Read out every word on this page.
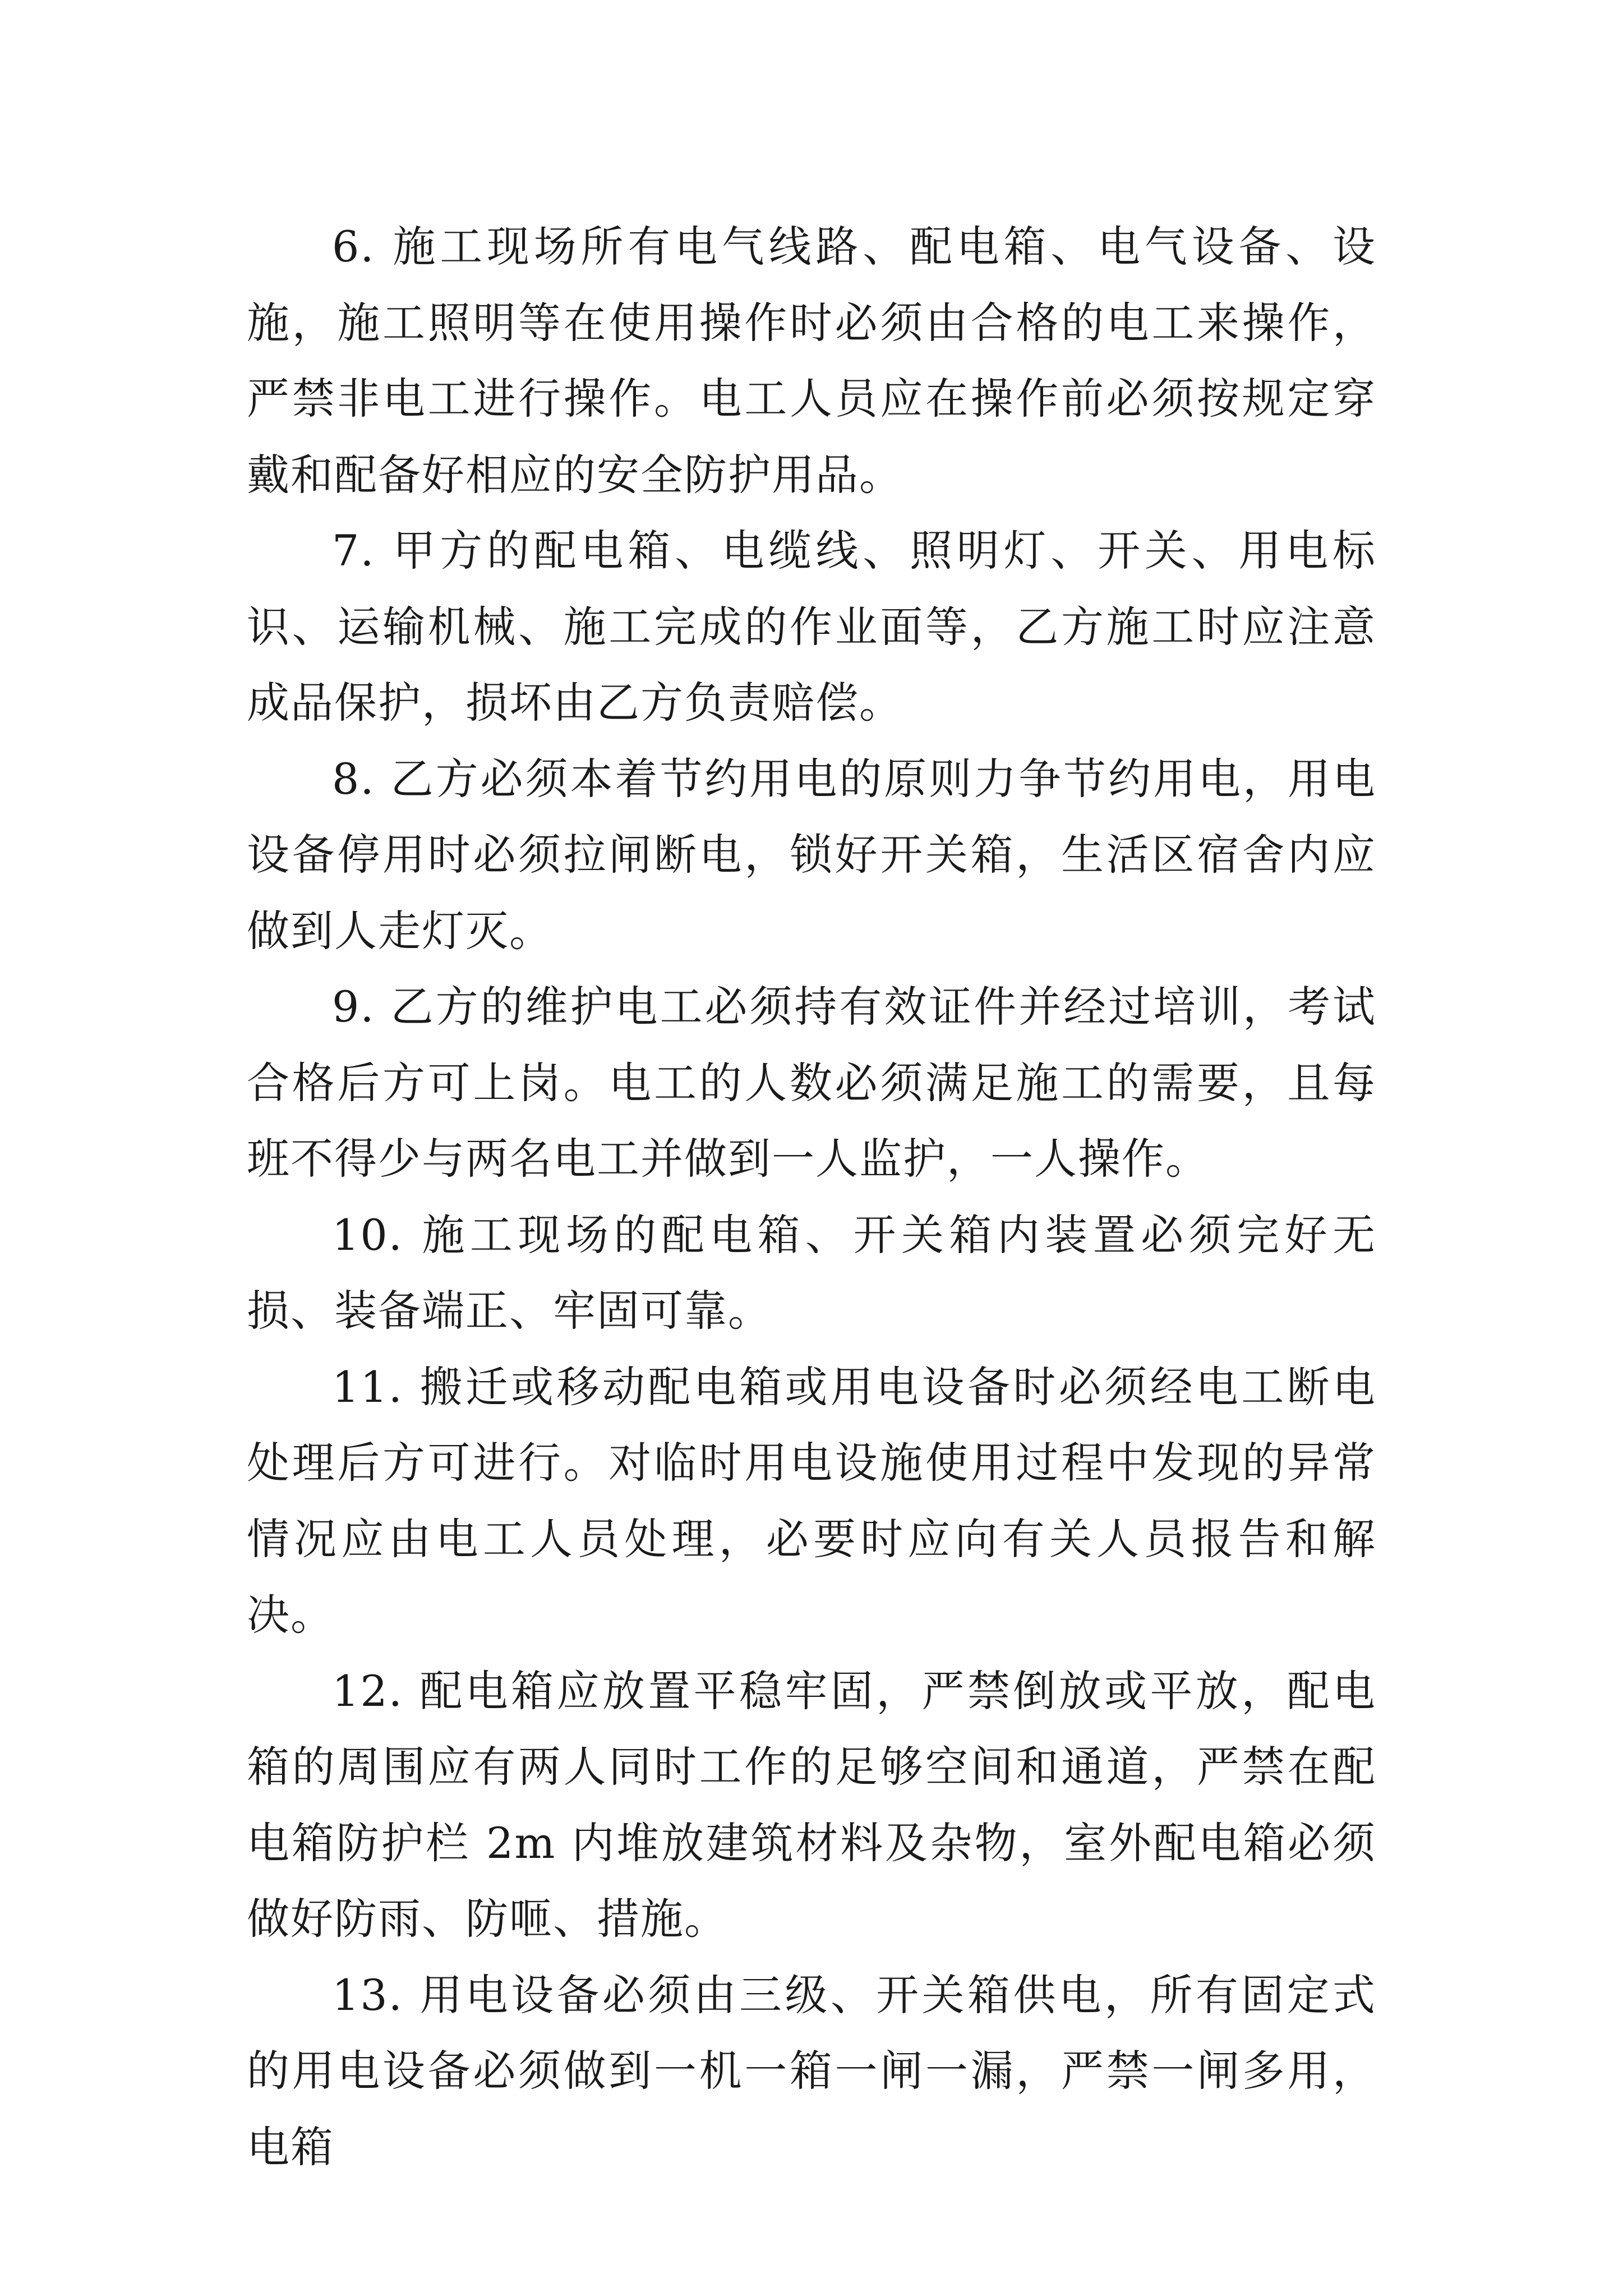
6. 施工现场所有电气线路、配电箱、电气设备、设施，施工照明等在使用操作时必须由合格的电工来操作，严禁非电工进行操作。电工人员应在操作前必须按规定穿戴和配备好相应的安全防护用品。

7. 甲方的配电箱、电缆线、照明灯、开关、用电标识、运输机械、施工完成的作业面等，乙方施工时应注意成品保护，损坏由乙方负责赔偿。

8. 乙方必须本着节约用电的原则力争节约用电，用电设备停用时必须拉闸断电，锁好开关箱，生活区宿舍内应做到人走灯灭。

9. 乙方的维护电工必须持有效证件并经过培训，考试合格后方可上岗。电工的人数必须满足施工的需要，且每班不得少与两名电工并做到一人监护，一人操作。

10. 施工现场的配电箱、开关箱内装置必须完好无损、装备端正、牢固可靠。

11. 搬迁或移动配电箱或用电设备时必须经电工断电处理后方可进行。对临时用电设施使用过程中发现的异常情况应由电工人员处理，必要时应向有关人员报告和解决。

12. 配电箱应放置平稳牢固，严禁倒放或平放，配电箱的周围应有两人同时工作的足够空间和通道，严禁在配电箱防护栏 2m 内堆放建筑材料及杂物，室外配电箱必须做好防雨、防咂、措施。

13. 用电设备必须由三级、开关箱供电，所有固定式的用电设备必须做到一机一箱一闸一漏，严禁一闸多用，电箱
